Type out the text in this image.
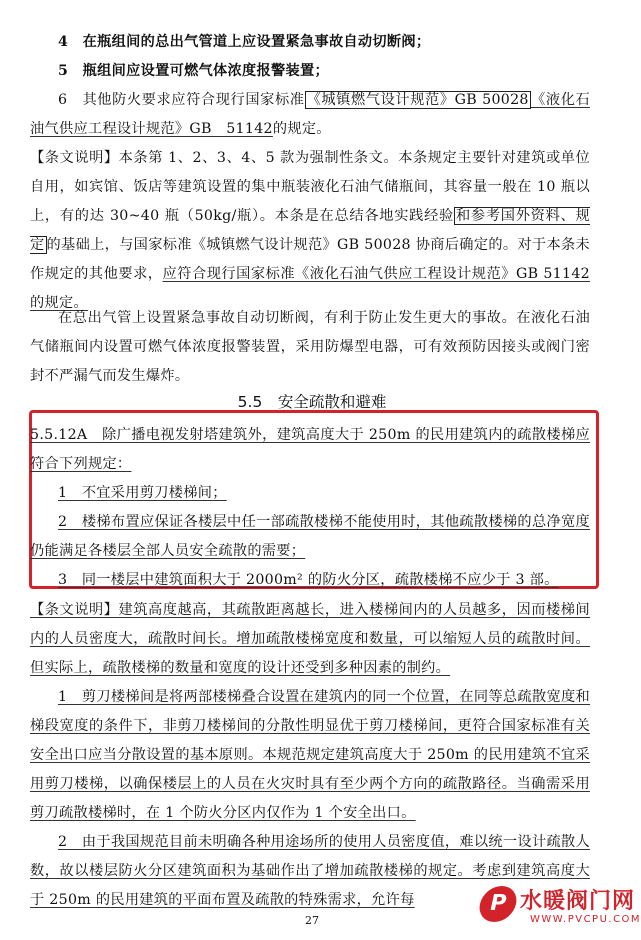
4　在瓶组间的总出气管道上应设置紧急事故自动切断阀；

5　瓶组间应设置可燃气体浓度报警装置；

6　其他防火要求应符合现行国家标准 《城镇燃气设计规范》GB 50028 《液化石油气供应工程设计规范》GB　51142的规定。

【条文说明】本条第 1、2、3、4、5 款为强制性条文。本条规定主要针对建筑或单位自用，如宾馆、饭店等建筑设置的集中瓶装液化石油气储瓶间，其容量一般在 10 瓶以上，有的达 30~40 瓶（50kg/瓶）。本条是在总结各地实践经验 和参考国外资料、规定 的基础上，与国家标准《城镇燃气设计规范》GB 50028 协商后确定的。对于本条未作规定的其他要求，应符合现行国家标准《液化石油气供应工程设计规范》GB 51142 的规定。

在总出气管上设置紧急事故自动切断阀，有利于防止发生更大的事故。在液化石油气储瓶间内设置可燃气体浓度报警装置，采用防爆型电器，可有效预防因接头或阀门密封不严漏气而发生爆炸。

5.5　安全疏散和避难

5.5.12A　除广播电视发射塔建筑外，建筑高度大于 250m 的民用建筑内的疏散楼梯应符合下列规定：

1　不宜采用剪刀楼梯间；

2　楼梯布置应保证各楼层中任一部疏散楼梯不能使用时，其他疏散楼梯的总净宽度仍能满足各楼层全部人员安全疏散的需要；

3　同一楼层中建筑面积大于 2000m² 的防火分区，疏散楼梯不应少于 3 部。

【条文说明】建筑高度越高，其疏散距离越长，进入楼梯间内的人员越多，因而楼梯间内的人员密度大，疏散时间长。增加疏散楼梯宽度和数量，可以缩短人员的疏散时间。但实际上，疏散楼梯的数量和宽度的设计还受到多种因素的制约。

1　剪刀楼梯间是将两部楼梯叠合设置在建筑内的同一个位置，在同等总疏散宽度和梯段宽度的条件下，非剪刀楼梯间的分散性明显优于剪刀楼梯间，更符合国家标准有关安全出口应当分散设置的基本原则。本规范规定建筑高度大于 250m 的民用建筑不宜采用剪刀楼梯，以确保楼层上的人员在火灾时具有至少两个方向的疏散路径。当确需采用剪刀疏散楼梯时，在 1 个防火分区内仅作为 1 个安全出口。

2　由于我国规范目前未明确各种用途场所的使用人员密度值，难以统一设计疏散人数，故以楼层防火分区建筑面积为基础作出了增加疏散楼梯的规定。考虑到建筑高度大于 250m 的民用建筑的平面布置及疏散的特殊需求，允许每

27
P 水暖阀门网
WWW.PVCPU.COM
